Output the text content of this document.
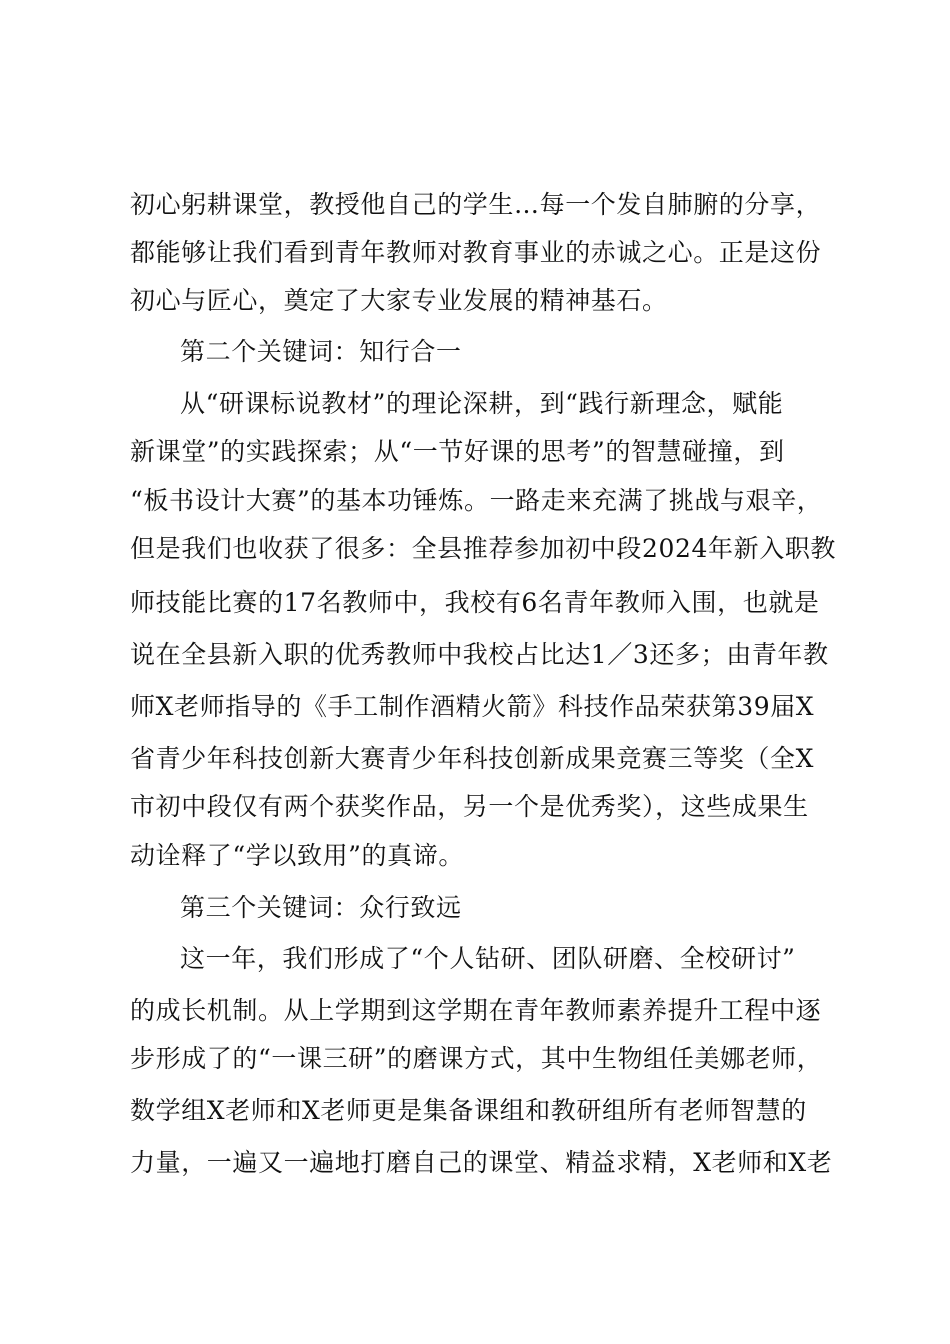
初心躬耕课堂，教授他自己的学生…每一个发自肺腑的分享，
都能够让我们看到青年教师对教育事业的赤诚之心。正是这份
初心与匠心，奠定了大家专业发展的精神基石。
第二个关键词：知行合一
从“研课标说教材”的理论深耕，到“践行新理念，赋能
新课堂”的实践探索；从“一节好课的思考”的智慧碰撞，到
“板书设计大赛”的基本功锤炼。一路走来充满了挑战与艰辛，
但是我们也收获了很多：全县推荐参加初中段2024年新入职教
师技能比赛的17名教师中，我校有6名青年教师入围，也就是
说在全县新入职的优秀教师中我校占比达1／3还多；由青年教
师X老师指导的《手工制作酒精火箭》科技作品荣获第39届X
省青少年科技创新大赛青少年科技创新成果竞赛三等奖（全X
市初中段仅有两个获奖作品，另一个是优秀奖），这些成果生
动诠释了“学以致用”的真谛。
第三个关键词：众行致远
这一年，我们形成了“个人钻研、团队研磨、全校研讨”
的成长机制。从上学期到这学期在青年教师素养提升工程中逐
步形成了的“一课三研”的磨课方式，其中生物组任美娜老师，
数学组X老师和X老师更是集备课组和教研组所有老师智慧的
力量，一遍又一遍地打磨自己的课堂、精益求精，X老师和X老
